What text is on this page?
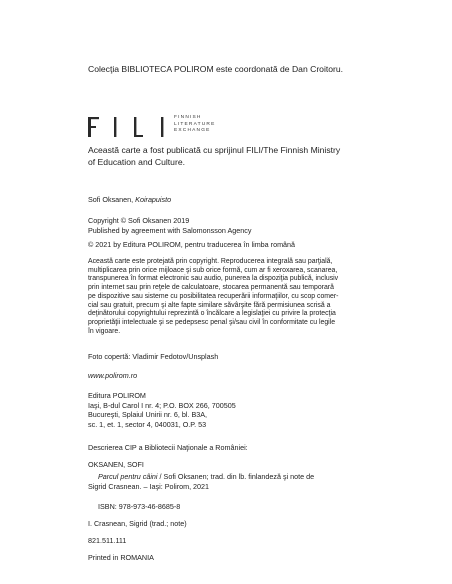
Colecţia BIBLIOTECA POLIROM este coordonată de Dan Croitoru.
FINNISH
LITERATURE
EXCHANGE
Această carte a fost publicată cu sprijinul FILI/The Finnish Ministry
of Education and Culture.
Sofi Oksanen, Koirapuisto
Copyright © Sofi Oksanen 2019
Published by agreement with Salomonsson Agency
© 2021 by Editura POLIROM, pentru traducerea în limba română
Această carte este protejată prin copyright. Reproducerea integrală sau parţială,
multiplicarea prin orice mijloace şi sub orice formă, cum ar fi xeroxarea, scanarea,
transpunerea în format electronic sau audio, punerea la dispoziţia publică, inclusiv
prin internet sau prin reţele de calculatoare, stocarea permanentă sau temporară
pe dispozitive sau sisteme cu posibilitatea recuperării informaţiilor, cu scop comer-
cial sau gratuit, precum şi alte fapte similare săvârşite fără permisiunea scrisă a
deţinătorului copyrightului reprezintă o încălcare a legislaţiei cu privire la protecţia
proprietăţii intelectuale şi se pedepsesc penal şi/sau civil în conformitate cu legile
în vigoare.
Foto copertă: Vladimir Fedotov/Unsplash
www.polirom.ro
Editura POLIROM
Iaşi, B-dul Carol I nr. 4; P.O. BOX 266, 700505
Bucureşti, Splaiul Unirii nr. 6, bl. B3A,
sc. 1, et. 1, sector 4, 040031, O.P. 53
Descrierea CIP a Bibliotecii Naţionale a României:
OKSANEN, SOFI
Parcul pentru câini / Sofi Oksanen; trad. din lb. finlandeză şi note de
Sigrid Crasnean. – Iaşi: Polirom, 2021
ISBN: 978-973-46-8685-8
I. Crasnean, Sigrid (trad.; note)
821.511.111
Printed in ROMANIA
